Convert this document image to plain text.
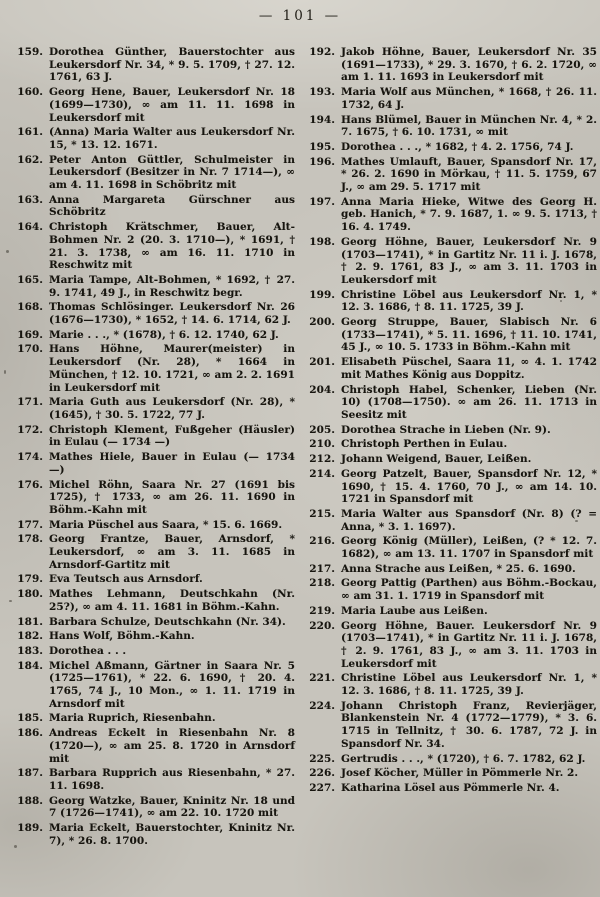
— 101 —
159. Dorothea Günther, Bauerstochter aus Leukersdorf Nr. 34, * 9. 5. 1709, † 27. 12. 1761, 63 J.
160. Georg Hene, Bauer, Leukersdorf Nr. 18 (1699—1730), ∞ am 11. 11. 1698 in Leukersdorf mit
161. (Anna) Maria Walter aus Leukersdorf Nr. 15, * 13. 12. 1671.
162. Peter Anton Güttler, Schulmeister in Leukersdorf (Besitzer in Nr. 7 1714—), ∞ am 4. 11. 1698 in Schöbritz mit
163. Anna Margareta Gürschner aus Schöbritz
164. Christoph Krätschmer, Bauer, Alt-Bohmen Nr. 2 (20. 3. 1710—), * 1691, † 21. 3. 1738, ∞ am 16. 11. 1710 in Reschwitz mit
165. Maria Tampe, Alt-Bohmen, * 1692, † 27. 9. 1741, 49 J., in Reschwitz begr.
168. Thomas Schlösinger. Leukersdorf Nr. 26 (1676—1730), * 1652, † 14. 6. 1714, 62 J.
169. Marie . . ., * (1678), † 6. 12. 1740, 62 J.
170. Hans Höhne, Maurer(meister) in Leukersdorf (Nr. 28), * 1664 in München, † 12. 10. 1721, ∞ am 2. 2. 1691 in Leukersdorf mit
171. Maria Guth aus Leukersdorf (Nr. 28), * (1645), † 30. 5. 1722, 77 J.
172. Christoph Klement, Fußgeher (Häusler) in Eulau (— 1734 —)
174. Mathes Hiele, Bauer in Eulau (— 1734 —)
176. Michel Röhn, Saara Nr. 27 (1691 bis 1725), † 1733, ∞ am 26. 11. 1690 in Böhm.-Kahn mit
177. Maria Püschel aus Saara, * 15. 6. 1669.
178. Georg Frantze, Bauer, Arnsdorf, * Leukersdorf, ∞ am 3. 11. 1685 in Arnsdorf-Gartitz mit
179. Eva Teutsch aus Arnsdorf.
180. Mathes Lehmann, Deutschkahn (Nr. 25?), ∞ am 4. 11. 1681 in Böhm.-Kahn.
181. Barbara Schulze, Deutschkahn (Nr. 34).
182. Hans Wolf, Böhm.-Kahn.
183. Dorothea . . .
184. Michel Aßmann, Gärtner in Saara Nr. 5 (1725—1761), * 22. 6. 1690, † 20. 4. 1765, 74 J., 10 Mon., ∞ 1. 11. 1719 in Arnsdorf mit
185. Maria Ruprich, Riesenbahn.
186. Andreas Eckelt in Riesenbahn Nr. 8 (1720—), ∞ am 25. 8. 1720 in Arnsdorf mit
187. Barbara Rupprich aus Riesenbahn, * 27. 11. 1698.
188. Georg Watzke, Bauer, Kninitz Nr. 18 und 7 (1726—1741), ∞ am 22. 10. 1720 mit
189. Maria Eckelt, Bauerstochter, Kninitz Nr. 7), * 26. 8. 1700.
192. Jakob Höhne, Bauer, Leukersdorf Nr. 35 (1691—1733), * 29. 3. 1670, † 6. 2. 1720, ∞ am 1. 11. 1693 in Leukersdorf mit
193. Maria Wolf aus München, * 1668, † 26. 11. 1732, 64 J.
194. Hans Blümel, Bauer in München Nr. 4, * 2. 7. 1675, † 6. 10. 1731, ∞ mit
195. Dorothea . . ., * 1682, † 4. 2. 1756, 74 J.
196. Mathes Umlauft, Bauer, Spansdorf Nr. 17, * 26. 2. 1690 in Mörkau, † 11. 5. 1759, 67 J., ∞ am 29. 5. 1717 mit
197. Anna Maria Hieke, Witwe des Georg H. geb. Hanich, * 7. 9. 1687, 1. ∞ 9. 5. 1713, † 16. 4. 1749.
198. Georg Höhne, Bauer, Leukersdorf Nr. 9 (1703—1741), * in Gartitz Nr. 11 i. J. 1678, † 2. 9. 1761, 83 J., ∞ am 3. 11. 1703 in Leukersdorf mit
199. Christine Löbel aus Leukersdorf Nr. 1, * 12. 3. 1686, † 8. 11. 1725, 39 J.
200. Georg Struppe, Bauer, Slabisch Nr. 6 (1733—1741), * 5. 11. 1696, † 11. 10. 1741, 45 J., ∞ 10. 5. 1733 in Böhm.-Kahn mit
201. Elisabeth Püschel, Saara 11, ∞ 4. 1. 1742 mit Mathes König aus Doppitz.
204. Christoph Habel, Schenker, Lieben (Nr. 10) (1708—1750). ∞ am 26. 11. 1713 in Seesitz mit
205. Dorothea Strache in Lieben (Nr. 9).
210. Christoph Perthen in Eulau.
212. Johann Weigend, Bauer, Leißen.
214. Georg Patzelt, Bauer, Spansdorf Nr. 12, * 1690, † 15. 4. 1760, 70 J., ∞ am 14. 10. 1721 in Spansdorf mit
215. Maria Walter aus Spansdorf (Nr. 8) (? = Anna, * 3. 1. 1697).
216. Georg König (Müller), Leißen, (? * 12. 7. 1682), ∞ am 13. 11. 1707 in Spansdorf mit
217. Anna Strache aus Leißen, * 25. 6. 1690.
218. Georg Pattig (Parthen) aus Böhm.-Bockau, ∞ am 31. 1. 1719 in Spansdorf mit
219. Maria Laube aus Leißen.
220. Georg Höhne, Bauer. Leukersdorf Nr. 9 (1703—1741), * in Gartitz Nr. 11 i. J. 1678, † 2. 9. 1761, 83 J., ∞ am 3. 11. 1703 in Leukersdorf mit
221. Christine Löbel aus Leukersdorf Nr. 1, * 12. 3. 1686, † 8. 11. 1725, 39 J.
224. Johann Christoph Franz, Revierjäger, Blankenstein Nr. 4 (1772—1779), * 3. 6. 1715 in Tellnitz, † 30. 6. 1787, 72 J. in Spansdorf Nr. 34.
225. Gertrudis . . ., * (1720), † 6. 7. 1782, 62 J.
226. Josef Köcher, Müller in Pömmerle Nr. 2.
227. Katharina Lösel aus Pömmerle Nr. 4.
